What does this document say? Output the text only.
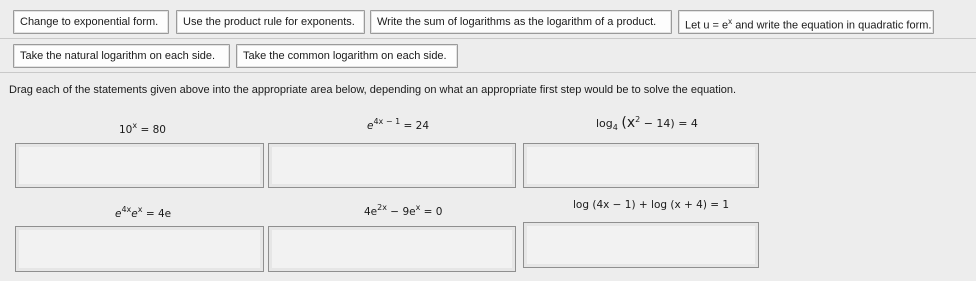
Change to exponential form.	Use the product rule for exponents.	Write the sum of logarithms as the logarithm of a product.	Let $u = e^x$ and write the equation in quadratic form.
Take the natural logarithm on each side.	Take the common logarithm on each side.
Drag each of the statements given above into the appropriate area below, depending on what an appropriate first step would be to solve the equation.
$10^x = 80$	$e^{4x - 1} = 24$	$\log_4 (x^2 - 14) = 4$
$e^{4x}e^x = 4e$	$4e^{2x} - 9e^x = 0$
log (4x − 1) + log (x + 4) = 1
